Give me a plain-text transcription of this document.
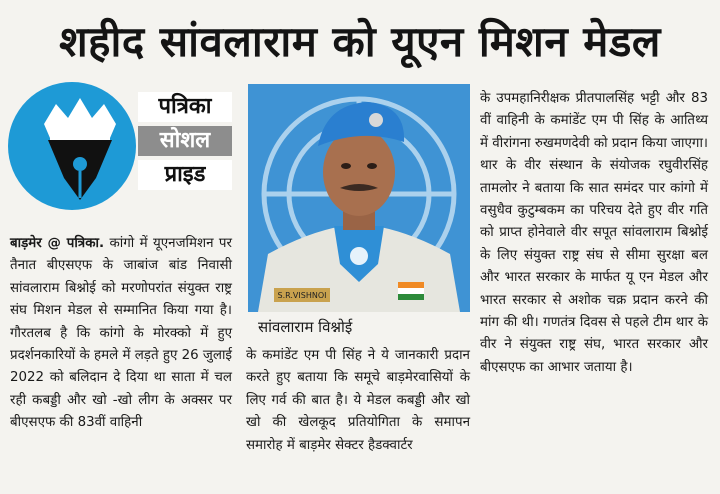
शहीद सांवलाराम को यूएन मिशन मेडल
पत्रिका
सोशल
प्राइड
S.R.VISHNOI
सांवलाराम विश्नोई

बाड़मेर @ पत्रिका. कांगो में यूएनजमिशन पर तैनात बीएसएफ के जाबांज बांड निवासी सांवलाराम बिश्नोई को मरणोपरांत संयुक्त राष्ट्र संघ मिशन मेडल से सम्मानित किया गया है। गौरतलब है कि कांगो के मोरक्को में हुए प्रदर्शनकारियों के हमले में लड़ते हुए 26 जुलाई 2022 को बलिदान दे दिया था साता में चल रही कबड्डी और खो -खो लीग के अक्सर पर बीएसएफ की 83वीं वाहिनी

के कमांडेंट एम पी सिंह ने ये जानकारी प्रदान करते हुए बताया कि समूचे बाड़मेरवासियों के लिए गर्व की बात है। ये मेडल कबड्डी और खो खो की खेलकूद प्रतियोगिता के समापन समारोह में बाड़मेर सेक्टर हैडक्वार्टर

के उपमहानिरीक्षक प्रीतपालसिंह भट्टी और 83 वीं वाहिनी के कमांडेंट एम पी सिंह के आतिथ्य में वीरांगना रुखमणदेवी को प्रदान किया जाएगा। थार के वीर संस्थान के संयोजक रघुवीरसिंह तामलोर ने बताया कि सात समंदर पार कांगो में वसुधैव कुटुम्बकम का परिचय देते हुए वीर गति को प्राप्त होनेवाले वीर सपूत सांवलाराम बिश्नोई के लिए संयुक्त राष्ट्र संघ से सीमा सुरक्षा बल और भारत सरकार के मार्फत यू एन मेडल और भारत सरकार से अशोक चक्र प्रदान करने की मांग की थी। गणतंत्र दिवस से पहले टीम थार के वीर ने संयुक्त राष्ट्र संघ, भारत सरकार और बीएसएफ का आभार जताया है।
